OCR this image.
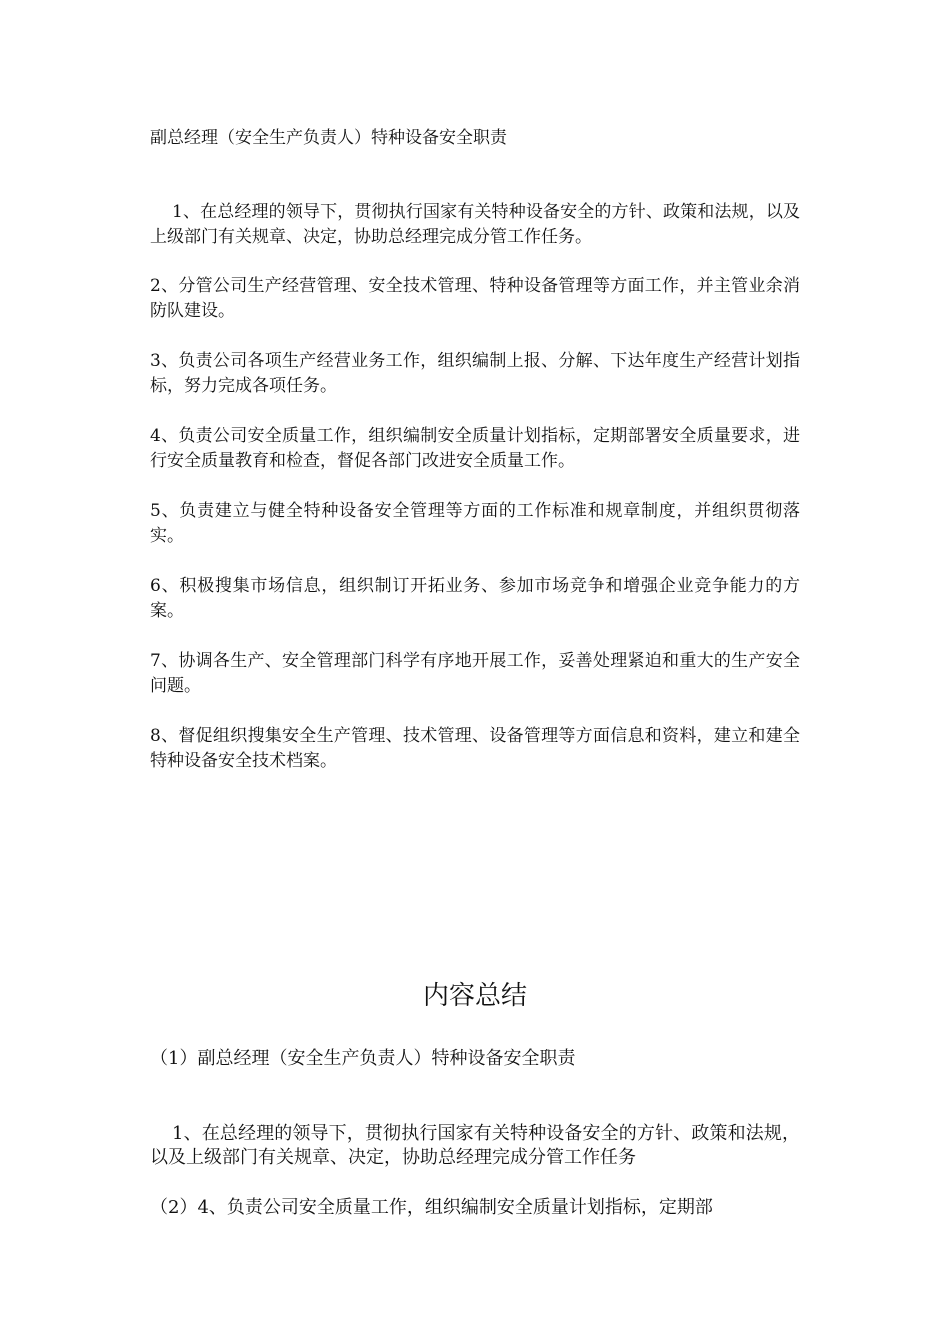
副总经理（安全生产负责人）特种设备安全职责

1、在总经理的领导下，贯彻执行国家有关特种设备安全的方针、政策和法规，以及上级部门有关规章、决定，协助总经理完成分管工作任务。

2、分管公司生产经营管理、安全技术管理、特种设备管理等方面工作，并主管业余消防队建设。

3、负责公司各项生产经营业务工作，组织编制上报、分解、下达年度生产经营计划指标，努力完成各项任务。

4、负责公司安全质量工作，组织编制安全质量计划指标，定期部署安全质量要求，进行安全质量教育和检查，督促各部门改进安全质量工作。

5、负责建立与健全特种设备安全管理等方面的工作标准和规章制度，并组织贯彻落实。

6、积极搜集市场信息，组织制订开拓业务、参加市场竞争和增强企业竞争能力的方案。

7、协调各生产、安全管理部门科学有序地开展工作，妥善处理紧迫和重大的生产安全问题。

8、督促组织搜集安全生产管理、技术管理、设备管理等方面信息和资料，建立和建全特种设备安全技术档案。

内容总结
（1）副总经理（安全生产负责人）特种设备安全职责

1、在总经理的领导下，贯彻执行国家有关特种设备安全的方针、政策和法规，以及上级部门有关规章、决定，协助总经理完成分管工作任务

（2）4、负责公司安全质量工作，组织编制安全质量计划指标，定期部
